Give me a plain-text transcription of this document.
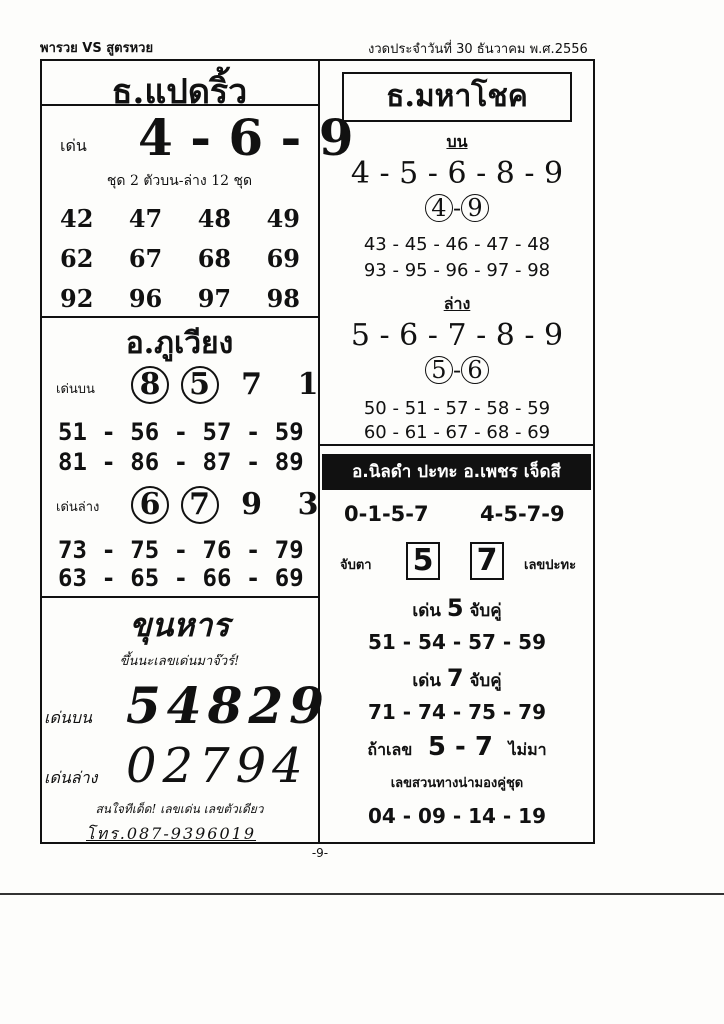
พารวย VS สูตรหวย	งวดประจำวันที่ 30 ธันวาคม พ.ศ.2556
ธ.แปดริ้ว
เด่น 4 - 6 - 9
ชุด 2 ตัวบน-ล่าง 12 ชุด
42 47 48 49
62 67 68 69
92 96 97 98
อ.ภูเวียง
เด่นบน	8 5 7 1
51 - 56 - 57 - 59
81 - 86 - 87 - 89
เด่นล่าง	6 7 9 3
73 - 75 - 76 - 79
63 - 65 - 66 - 69
ขุนหาร
ขึ้นนะเลขเด่นมาจ๊วร์!
เด่นบน 54829
เด่นล่าง 02794
สนใจทีเด็ด! เลขเด่น เลขตัวเดียว
โทร.087-9396019
ธ.มหาโชค
บน
4 - 5 - 6 - 8 - 9
4 - 9
43 - 45 - 46 - 47 - 48
93 - 95 - 96 - 97 - 98
ล่าง
5 - 6 - 7 - 8 - 9
5 - 6
50 - 51 - 57 - 58 - 59
60 - 61 - 67 - 68 - 69
อ.นิลดำ ปะทะ อ.เพชร เจ็ดสี
0-1-5-7 4-5-7-9
จับตา 5 7	เลขปะทะ
เด่น 5 จับคู่
51 - 54 - 57 - 59
เด่น 7 จับคู่
71 - 74 - 75 - 79
ถ้าเลข 5 - 7 ไม่มา
เลขสวนทางน่ามองคู่ชุด
04 - 09 - 14 - 19
-9-
